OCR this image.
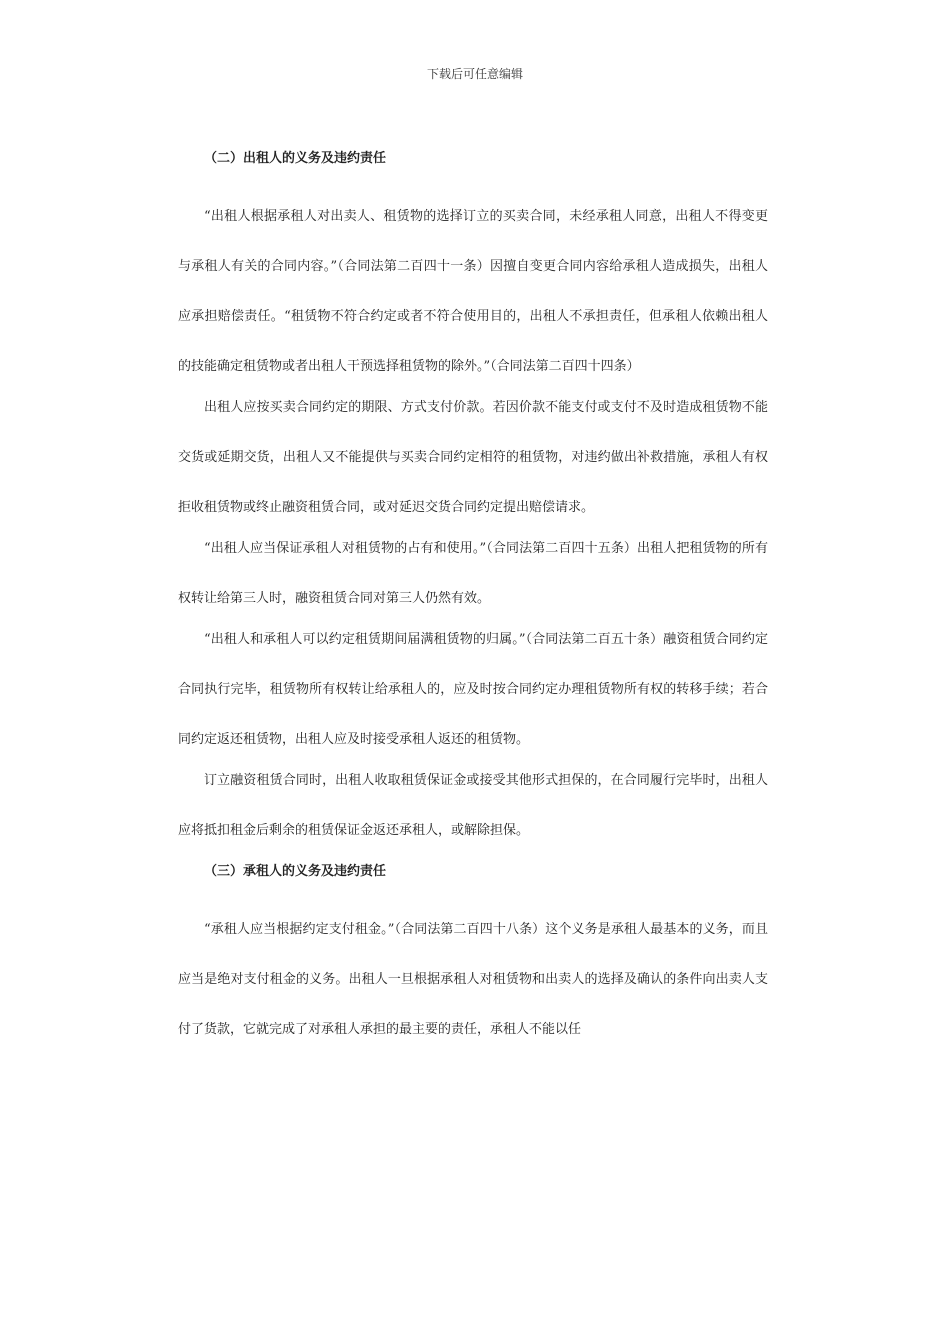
下载后可任意编辑

（二）出租人的义务及违约责任

“出租人根据承租人对出卖人、租赁物的选择订立的买卖合同，未经承租人同意，出租人不得变更与承租人有关的合同内容。”（合同法第二百四十一条）因擅自变更合同内容给承租人造成损失，出租人应承担赔偿责任。“租赁物不符合约定或者不符合使用目的，出租人不承担责任，但承租人依赖出租人的技能确定租赁物或者出租人干预选择租赁物的除外。”（合同法第二百四十四条）

出租人应按买卖合同约定的期限、方式支付价款。若因价款不能支付或支付不及时造成租赁物不能交货或延期交货，出租人又不能提供与买卖合同约定相符的租赁物，对违约做出补救措施，承租人有权拒收租赁物或终止融资租赁合同，或对延迟交货合同约定提出赔偿请求。

“出租人应当保证承租人对租赁物的占有和使用。”（合同法第二百四十五条）出租人把租赁物的所有权转让给第三人时，融资租赁合同对第三人仍然有效。

“出租人和承租人可以约定租赁期间届满租赁物的归属。”（合同法第二百五十条）融资租赁合同约定合同执行完毕，租赁物所有权转让给承租人的，应及时按合同约定办理租赁物所有权的转移手续；若合同约定返还租赁物，出租人应及时接受承租人返还的租赁物。

订立融资租赁合同时，出租人收取租赁保证金或接受其他形式担保的，在合同履行完毕时，出租人应将抵扣租金后剩余的租赁保证金返还承租人，或解除担保。

（三）承租人的义务及违约责任

“承租人应当根据约定支付租金。”（合同法第二百四十八条）这个义务是承租人最基本的义务，而且应当是绝对支付租金的义务。出租人一旦根据承租人对租赁物和出卖人的选择及确认的条件向出卖人支付了货款，它就完成了对承租人承担的最主要的责任，承租人不能以任
